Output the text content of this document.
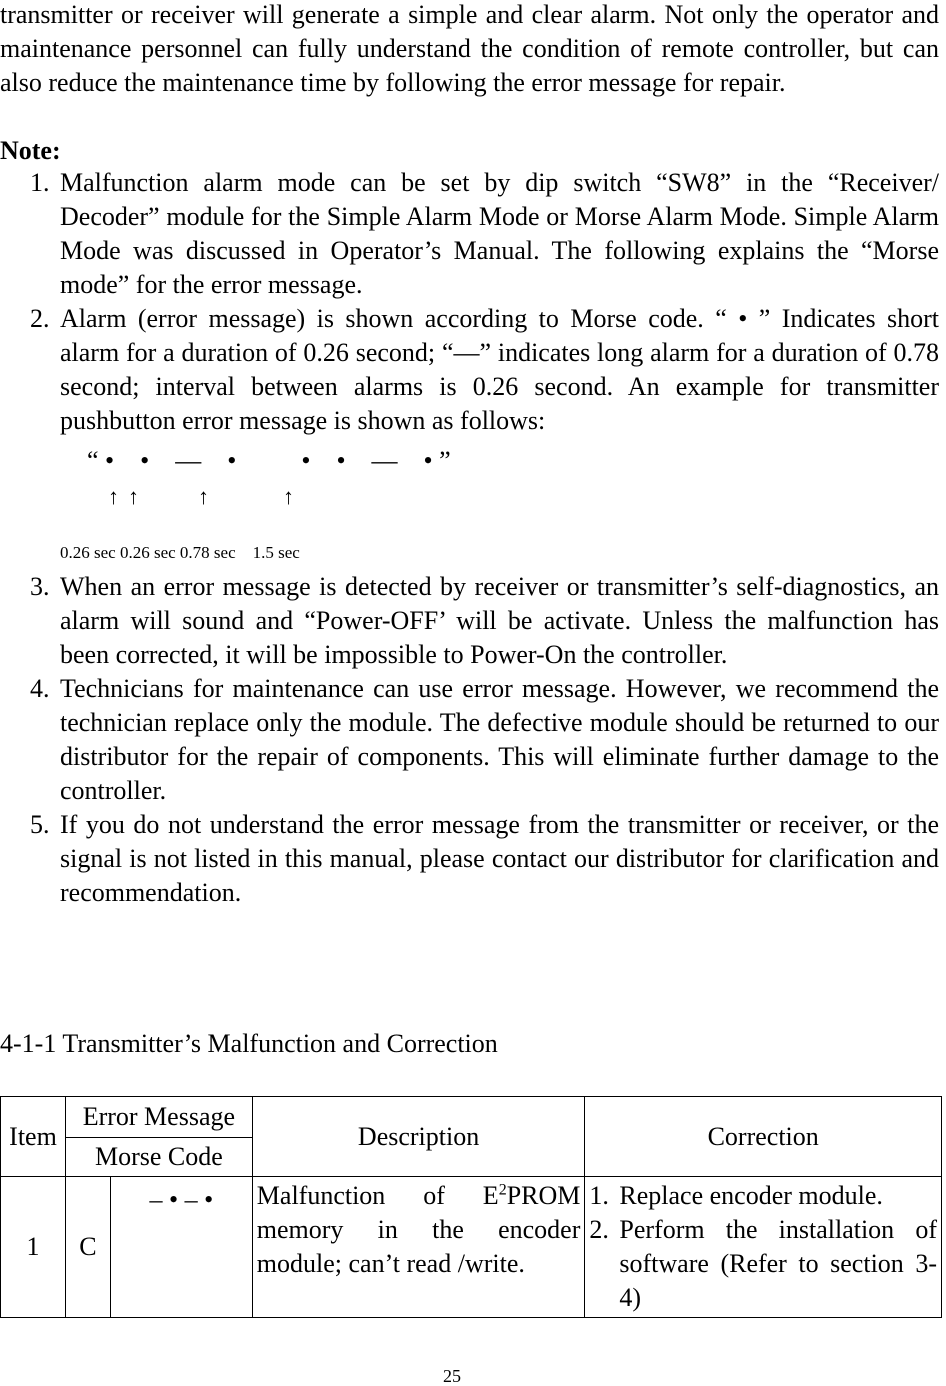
transmitter or receiver will generate a simple and clear alarm. Not only the operator and maintenance personnel can fully understand the condition of remote controller, but can also reduce the maintenance time by following the error message for repair.
Note:
1. Malfunction alarm mode can be set by dip switch “SW8” in the “Receiver/ Decoder” module for the Simple Alarm Mode or Morse Alarm Mode. Simple Alarm Mode was discussed in Operator’s Manual. The following explains the “Morse mode” for the error message.
2. Alarm (error message) is shown according to Morse code. “ • ” Indicates short alarm for a duration of 0.26 second; “—” indicates long alarm for a duration of 0.78 second; interval between alarms is 0.26 second. An example for transmitter pushbutton error message is shown as follows:
“ •    •    —    •          •    •    —    • ”
↑ ↑	↑	↑
0.26 sec 0.26 sec 0.78 sec    1.5 sec
3. When an error message is detected by receiver or transmitter’s self-diagnostics, an alarm will sound and “Power-OFF’ will be activate. Unless the malfunction has been corrected, it will be impossible to Power-On the controller.
4. Technicians for maintenance can use error message. However, we recommend the technician replace only the module. The defective module should be returned to our distributor for the repair of components. This will eliminate further damage to the controller.
5. If you do not understand the error message from the transmitter or receiver, or the signal is not listed in this manual, please contact our distributor for clarification and recommendation.
4-1-1 Transmitter’s Malfunction and Correction
Item	Error Message		Description	Correction
	Morse Code			
1	C	– • – •	Malfunction of $E^2PROM$ memory in the encoder module; can’t read /write.	1. Replace encoder module.
2. Perform the installation of software (Refer to section 3-4)
25
